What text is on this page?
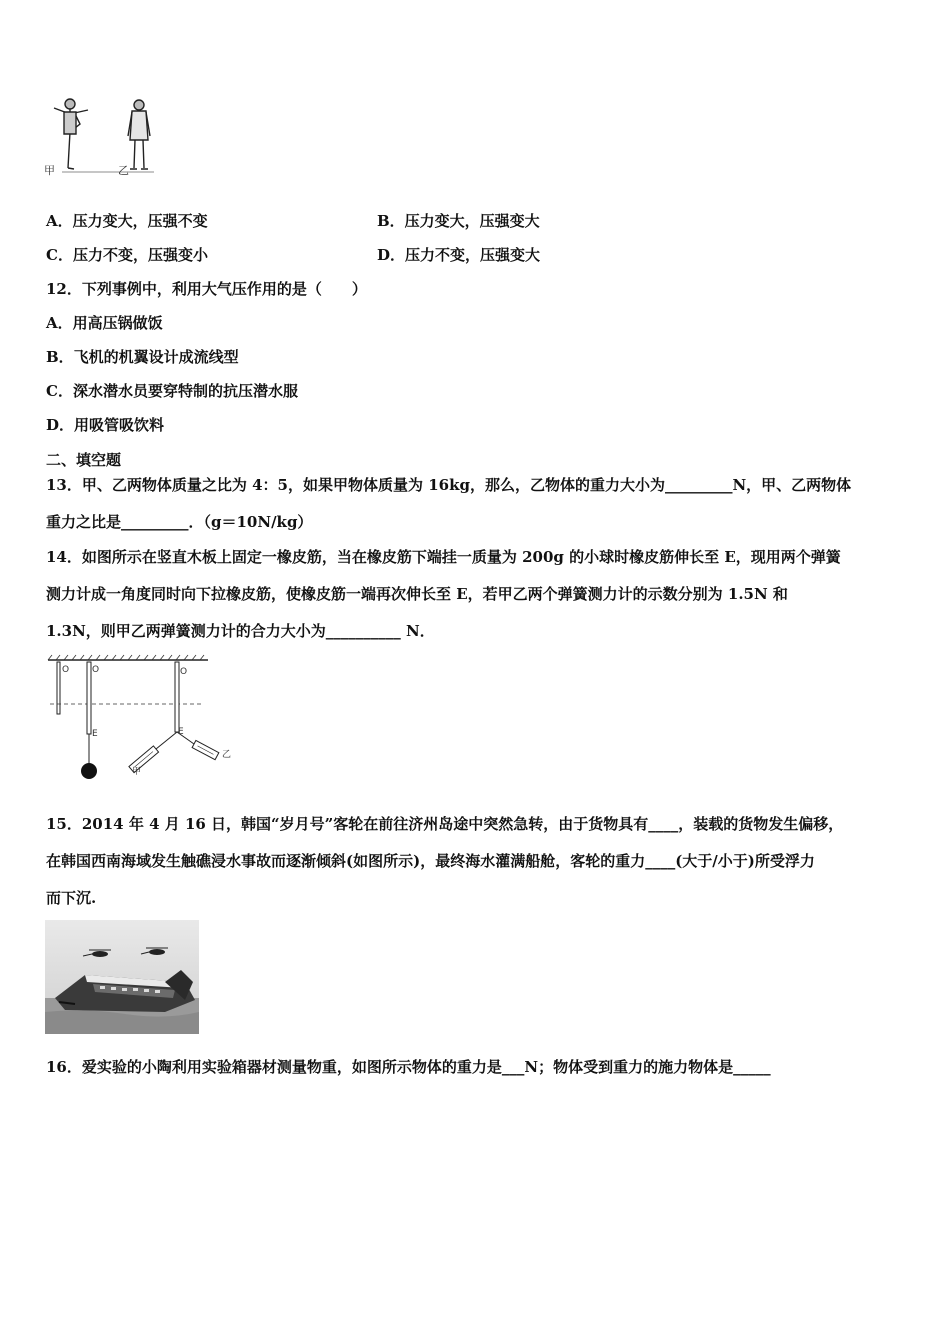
甲	乙
A．压力变大，压强不变	B．压力变大，压强变大
C．压力不变，压强变小	D．压力不变，压强变大
12．下列事例中，利用大气压作用的是（　　）
A．用高压锅做饭
B．飞机的机翼设计成流线型
C．深水潜水员要穿特制的抗压潜水服
D．用吸管吸饮料
二、填空题
13．甲、乙两物体质量之比为 4：5，如果甲物体质量为 16kg，那么，乙物体的重力大小为_________N，甲、乙两物体
重力之比是_________．（g＝10N/kg）
14．如图所示在竖直木板上固定一橡皮筋，当在橡皮筋下端挂一质量为 200g 的小球时橡皮筋伸长至 E，现用两个弹簧
测力计成一角度同时向下拉橡皮筋，使橡皮筋一端再次伸长至 E，若甲乙两个弹簧测力计的示数分别为 1.5N 和
1.3N，则甲乙两弹簧测力计的合力大小为__________ N．
O	O	O
E	E
甲
乙
15．2014 年 4 月 16 日，韩国“岁月号”客轮在前往济州岛途中突然急转，由于货物具有____，装载的货物发生偏移，
在韩国西南海域发生触礁浸水事故而逐渐倾斜(如图所示)，最终海水灌满船舱，客轮的重力____(大于/小于)所受浮力
而下沉.
16．爱实验的小陶利用实验箱器材测量物重，如图所示物体的重力是___N；物体受到重力的施力物体是_____
